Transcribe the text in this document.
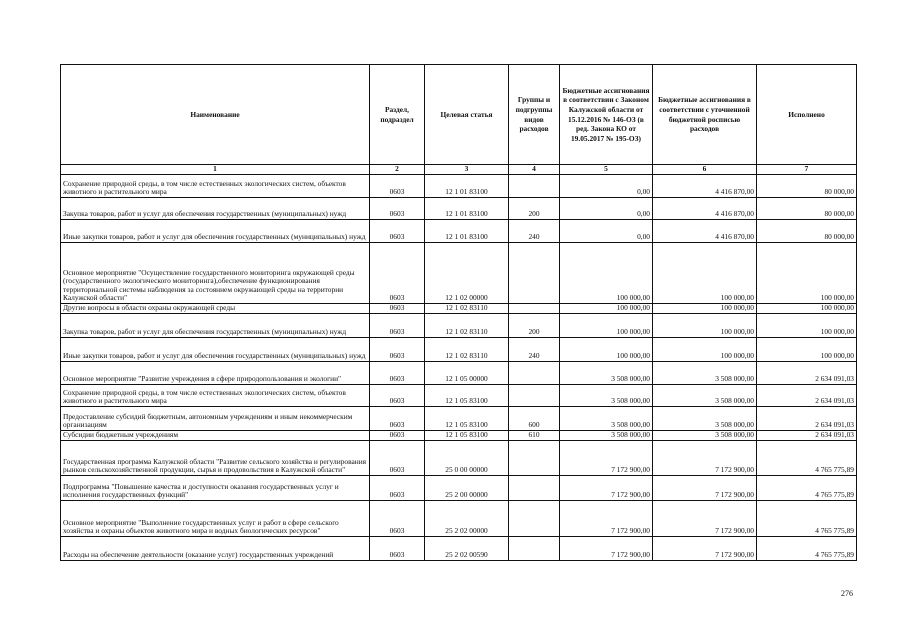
Наименование	Раздел, подраздел	Целевая статья	Группы и подгруппы видов расходов	Бюджетные ассигнования в соответствии с Законом Калужской области от 15.12.2016 № 146-ОЗ (в ред. Закона КО от 19.05.2017 № 195-ОЗ)	Бюджетные ассигнования в соответствии с уточненной бюджетной росписью расходов	Исполнено
1	2	3	4	5	6	7
Сохранение природной среды, в том числе естественных экологических систем, объектов животного и растительного мира	0603	12 1 01 83100		0,00	4 416 870,00	80 000,00
Закупка товаров, работ и услуг для обеспечения государственных (муниципальных) нужд	0603	12 1 01 83100	200	0,00	4 416 870,00	80 000,00
Иные закупки товаров, работ и услуг для обеспечения государственных (муниципальных) нужд	0603	12 1 01 83100	240	0,00	4 416 870,00	80 000,00
Основное мероприятие "Осуществление государственного мониторинга окружающей среды (государственного экологического мониторинга),обеспечение функционирования территориальной системы наблюдения за состоянием окружающей среды на территории Калужской области"	0603	12 1 02 00000		100 000,00	100 000,00	100 000,00
Другие вопросы в области охраны окружающей среды	0603	12 1 02 83110		100 000,00	100 000,00	100 000,00
Закупка товаров, работ и услуг для обеспечения государственных (муниципальных) нужд	0603	12 1 02 83110	200	100 000,00	100 000,00	100 000,00
Иные закупки товаров, работ и услуг для обеспечения государственных (муниципальных) нужд	0603	12 1 02 83110	240	100 000,00	100 000,00	100 000,00
Основное мероприятие "Развитие учреждения в сфере природопользования и экологии"	0603	12 1 05 00000		3 508 000,00	3 508 000,00	2 634 091,03
Сохранение природной среды, в том числе естественных экологических систем, объектов животного и растительного мира	0603	12 1 05 83100		3 508 000,00	3 508 000,00	2 634 091,03
Предоставление субсидий бюджетным, автономным учреждениям и иным некоммерческим организациям	0603	12 1 05 83100	600	3 508 000,00	3 508 000,00	2 634 091,03
Субсидии бюджетным учреждениям	0603	12 1 05 83100	610	3 508 000,00	3 508 000,00	2 634 091,03
Государственная программа Калужской области "Развитие сельского хозяйства и регулирования рынков сельскохозяйственной продукции, сырья и продовольствия в Калужской области"	0603	25 0 00 00000		7 172 900,00	7 172 900,00	4 765 775,89
Подпрограмма "Повышение качества и доступности оказания государственных услуг и исполнения государственных функций"	0603	25 2 00 00000		7 172 900,00	7 172 900,00	4 765 775,89
Основное мероприятие "Выполнение государственных услуг и работ в сфере сельского хозяйства и охраны объектов животного мира и водных биологических ресурсов"	0603	25 2 02 00000		7 172 900,00	7 172 900,00	4 765 775,89
Расходы на обеспечение деятельности (оказание услуг) государственных учреждений	0603	25 2 02 00590		7 172 900,00	7 172 900,00	4 765 775,89
276
